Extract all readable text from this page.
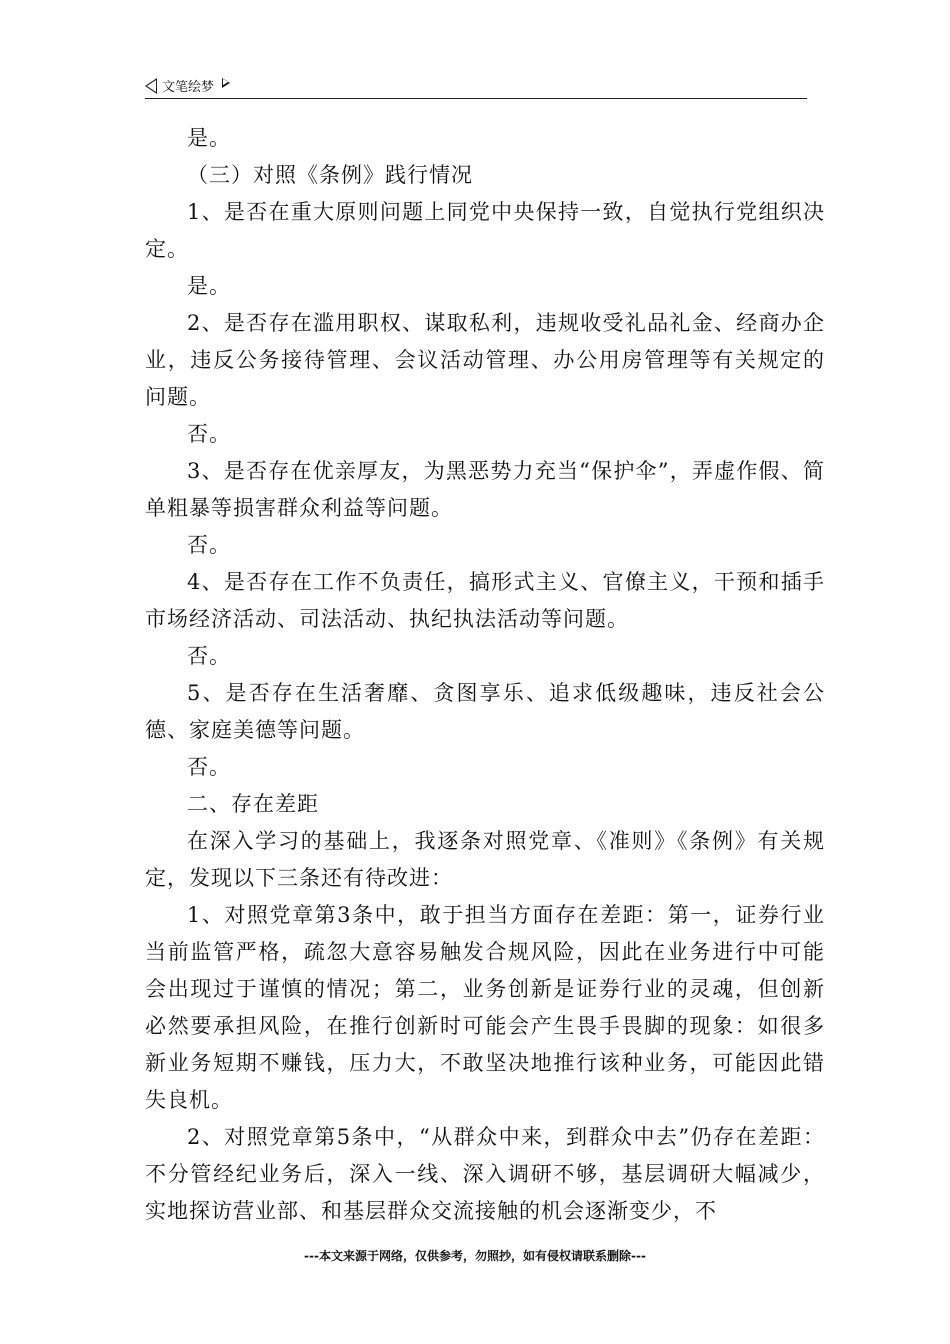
文笔绘梦

是。

（三）对照《条例》践行情况

1、是否在重大原则问题上同党中央保持一致，自觉执行党组织决定。

是。

2、是否存在滥用职权、谋取私利，违规收受礼品礼金、经商办企业，违反公务接待管理、会议活动管理、办公用房管理等有关规定的问题。

否。

3、是否存在优亲厚友，为黑恶势力充当“保护伞”，弄虚作假、简单粗暴等损害群众利益等问题。

否。

4、是否存在工作不负责任，搞形式主义、官僚主义，干预和插手市场经济活动、司法活动、执纪执法活动等问题。

否。

5、是否存在生活奢靡、贪图享乐、追求低级趣味，违反社会公德、家庭美德等问题。

否。

二、存在差距

在深入学习的基础上，我逐条对照党章、《准则》《条例》有关规定，发现以下三条还有待改进：

1、对照党章第3条中，敢于担当方面存在差距：第一，证券行业当前监管严格，疏忽大意容易触发合规风险，因此在业务进行中可能会出现过于谨慎的情况；第二，业务创新是证券行业的灵魂，但创新必然要承担风险，在推行创新时可能会产生畏手畏脚的现象：如很多新业务短期不赚钱，压力大，不敢坚决地推行该种业务，可能因此错失良机。

2、对照党章第5条中，“从群众中来，到群众中去”仍存在差距：不分管经纪业务后，深入一线、深入调研不够，基层调研大幅减少，实地探访营业部、和基层群众交流接触的机会逐渐变少，不

---本文来源于网络，仅供参考，勿照抄，如有侵权请联系删除---
